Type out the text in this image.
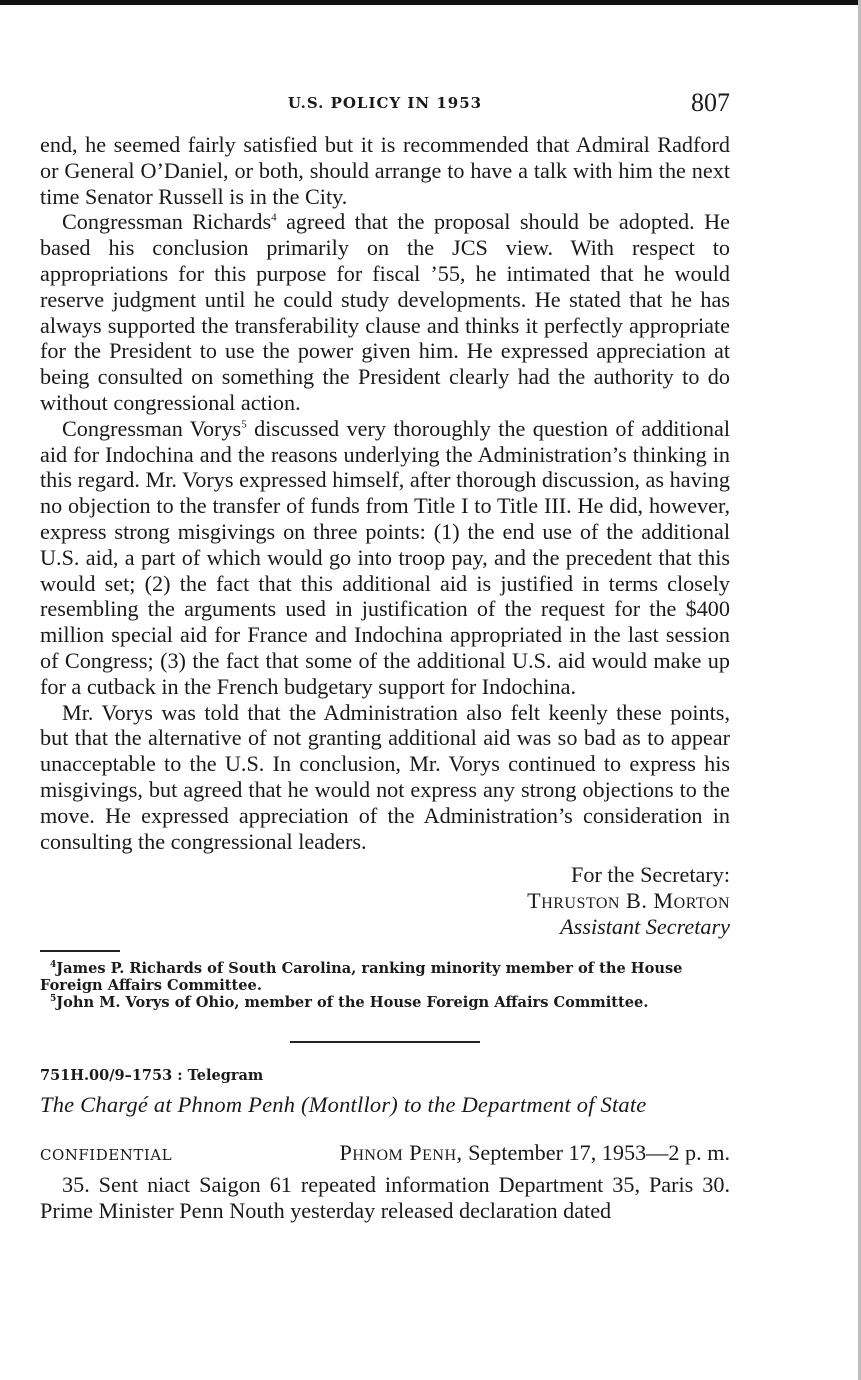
U.S. POLICY IN 1953	807

end, he seemed fairly satisfied but it is recommended that Admiral Radford or General O’Daniel, or both, should arrange to have a talk with him the next time Senator Russell is in the City.

Congressman Richards$^4$ agreed that the proposal should be adopted. He based his conclusion primarily on the JCS view. With respect to appropriations for this purpose for fiscal ’55, he intimated that he would reserve judgment until he could study developments. He stated that he has always supported the transferability clause and thinks it perfectly appropriate for the President to use the power given him. He expressed appreciation at being consulted on something the President clearly had the authority to do without congressional action.

Congressman Vorys$^5$ discussed very thoroughly the question of additional aid for Indochina and the reasons underlying the Administration’s thinking in this regard. Mr. Vorys expressed himself, after thorough discussion, as having no objection to the transfer of funds from Title I to Title III. He did, however, express strong misgivings on three points: (1) the end use of the additional U.S. aid, a part of which would go into troop pay, and the precedent that this would set; (2) the fact that this additional aid is justified in terms closely resembling the arguments used in justification of the request for the $400 million special aid for France and Indochina appropriated in the last session of Congress; (3) the fact that some of the additional U.S. aid would make up for a cutback in the French budgetary support for Indochina.

Mr. Vorys was told that the Administration also felt keenly these points, but that the alternative of not granting additional aid was so bad as to appear unacceptable to the U.S. In conclusion, Mr. Vorys continued to express his misgivings, but agreed that he would not express any strong objections to the move. He expressed appreciation of the Administration’s consideration in consulting the congressional leaders.

For the Secretary:
Thruston B. Morton
Assistant Secretary

$^4$James P. Richards of South Carolina, ranking minority member of the House Foreign Affairs Committee.

$^5$John M. Vorys of Ohio, member of the House Foreign Affairs Committee.

751H.00/9–1753 : Telegram

The Chargé at Phnom Penh (Montllor) to the Department of State

CONFIDENTIAL	Phnom Penh, September 17, 1953—2 p. m.

35. Sent niact Saigon 61 repeated information Department 35, Paris 30. Prime Minister Penn Nouth yesterday released declaration dated
